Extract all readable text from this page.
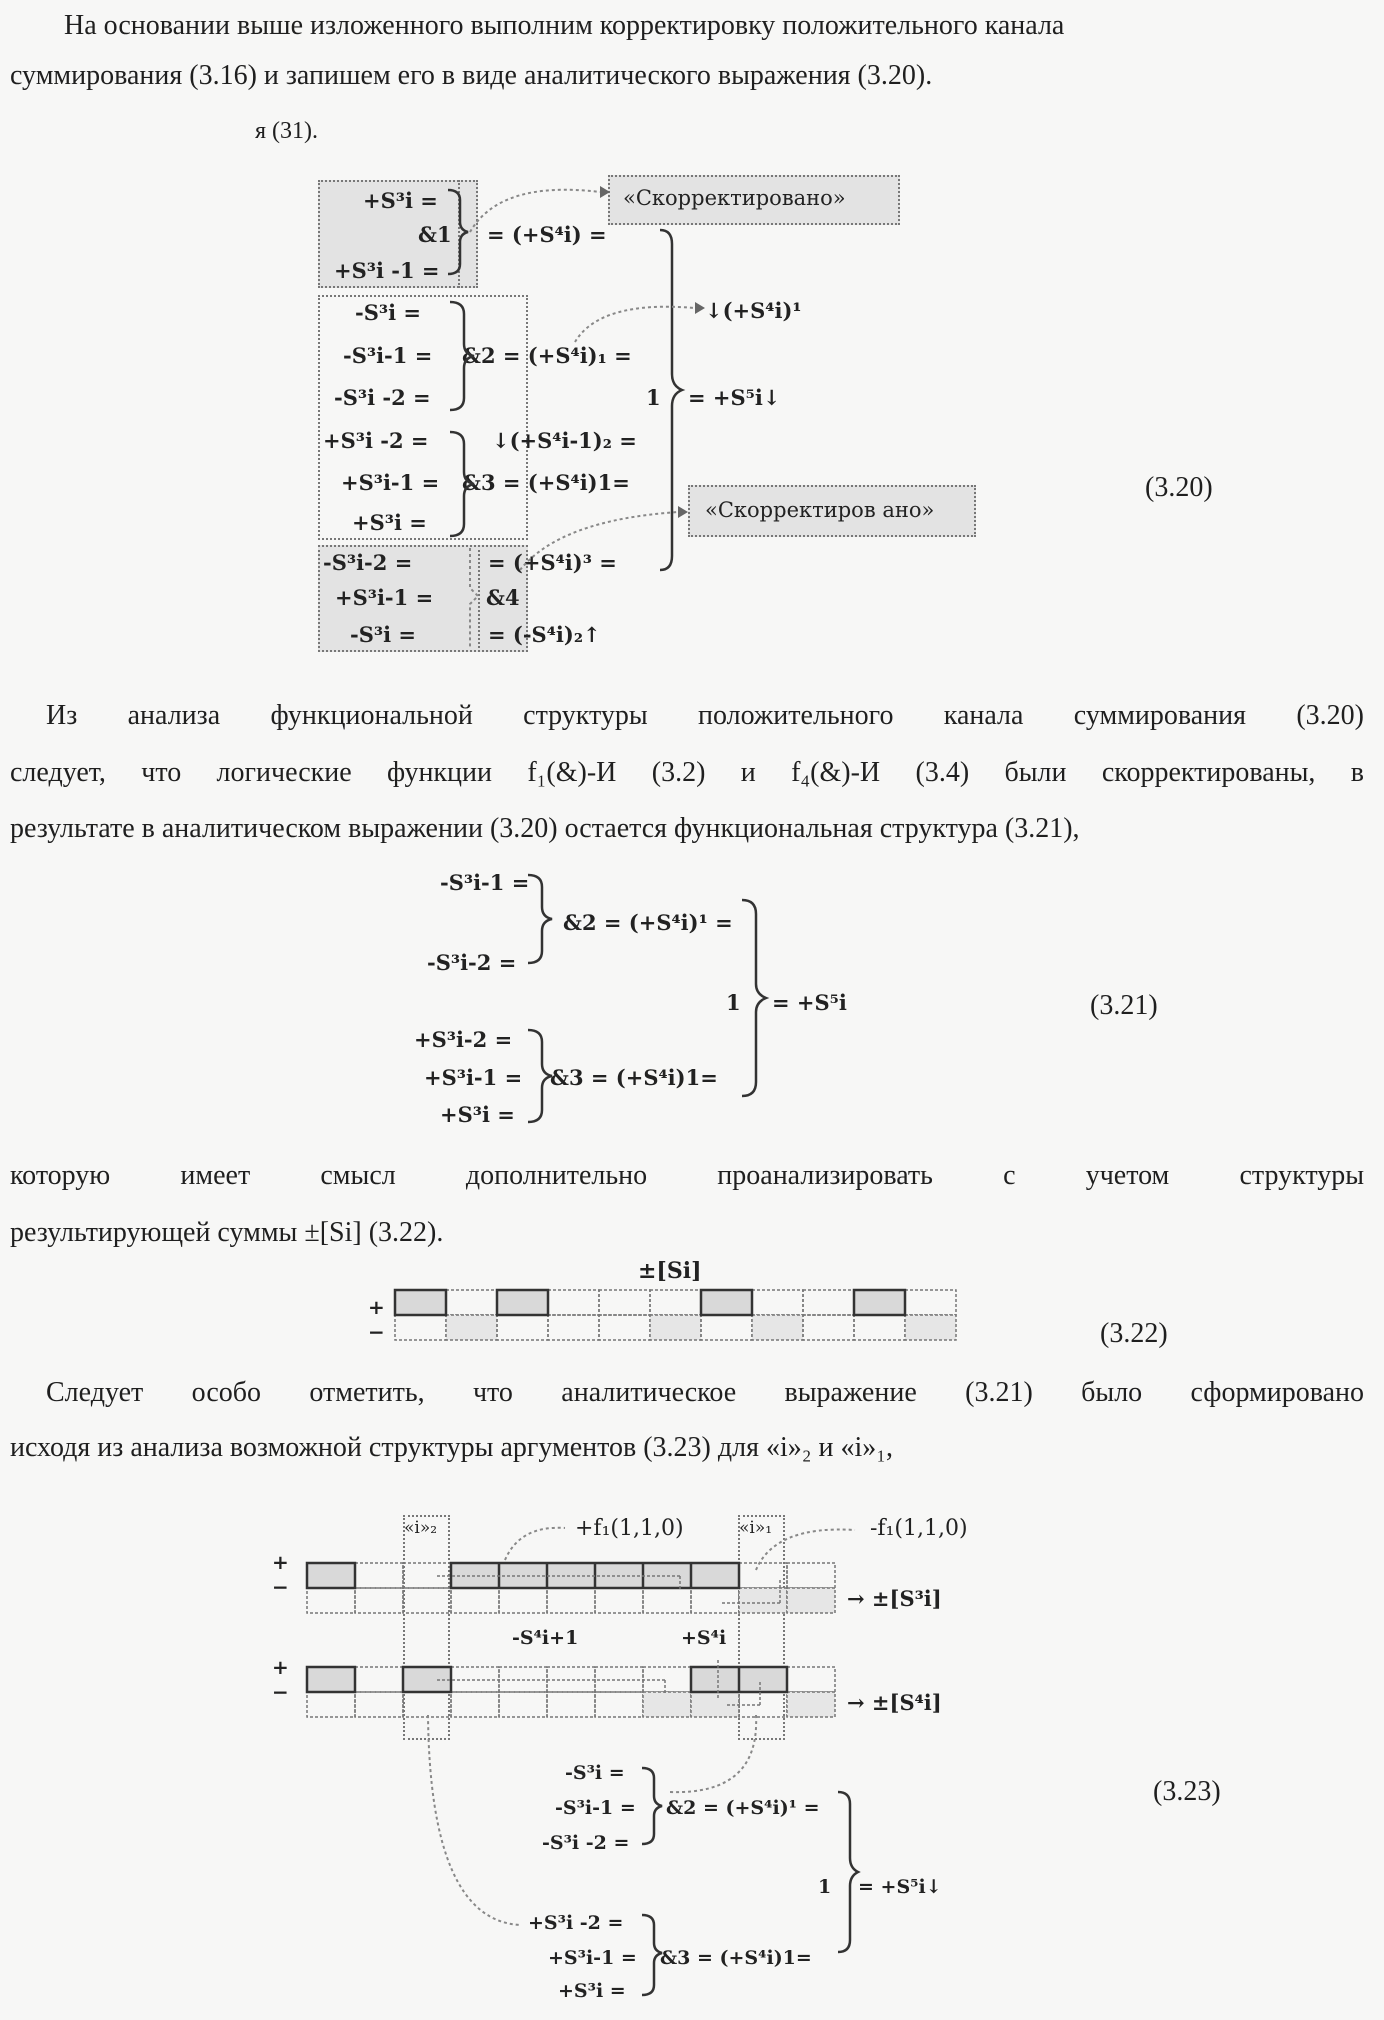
На основании выше изложенного выполним корректировку положительного канала
суммирования (3.16) и запишем его в виде аналитического выражения (3.20).
я (31).
+S³i =
&1
+S³i -1 =
= (+S⁴i) =
«Скорректировано»
-S³i =
-S³i-1 =
-S³i -2 =
&2 = (+S⁴i)₁ =
↓(+S⁴i)¹
1 = +S⁵i↓
+S³i -2 =
+S³i-1 =
+S³i =
↓(+S⁴i-1)₂ =
&3 = (+S⁴i)1=
«Скорректиров ано»
-S³i-2 =
+S³i-1 =
-S³i =
&4
= (+S⁴i)³ =
= (-S⁴i)₂↑
(3.20)
Из анализа функциональной структуры положительного канала суммирования (3.20)
следует, что логические функции f₁(&)-И (3.2) и f₄(&)-И (3.4) были скорректированы, в
результате в аналитическом выражении (3.20) остается функциональная структура (3.21),
-S³i-1 =
-S³i-2 =
&2 = (+S⁴i)¹ =
+S³i-2 =
+S³i-1 =
+S³i =
&3 = (+S⁴i)1=
1 = +S⁵i	(3.21)
которую имеет смысл дополнительно проанализировать с учетом структуры
результирующей суммы ±[Si] (3.22).
±[Si]
+
−	(3.22)
Следует особо отметить, что аналитическое выражение (3.21) было сформировано
исходя из анализа возможной структуры аргументов (3.23) для «i»₂ и «i»₁,
«i»₂	«i»₁
+f₁(1,1,0)	-f₁(1,1,0)
+
−	→ ±[S³i]
-S⁴i+1	+S⁴i
+
−	→ ±[S⁴i]
-S³i =
-S³i-1 =
-S³i -2 =
&2 = (+S⁴i)¹ =
+S³i -2 =
+S³i-1 =
+S³i =
&3 = (+S⁴i)1=
1 = +S⁵i↓
(3.23)
